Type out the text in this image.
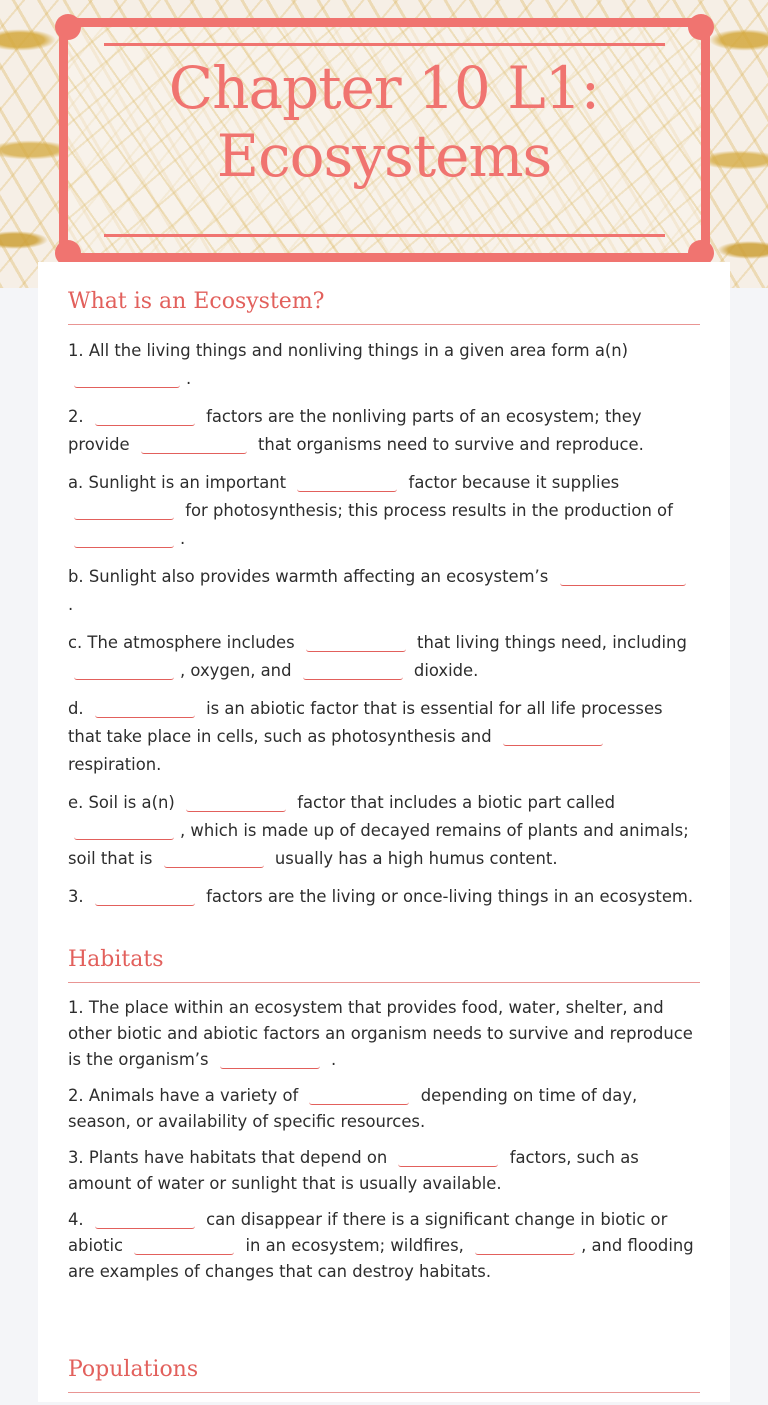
Chapter 10 L1: Ecosystems
What is an Ecosystem?

1. All the living things and nonliving things in a given area form a(n)
.

2.	factors are the nonliving parts of an ecosystem; they provide	that organisms need to survive and reproduce.

a. Sunlight is an important	factor because it supplies  for photosynthesis; this process results in the production of .

b. Sunlight also provides warmth affecting an ecosystem’s
.

c. The atmosphere includes	that living things need, including , oxygen, and	dioxide.

d.	is an abiotic factor that is essential for all life processes that take place in cells, such as photosynthesis and  respiration.

e. Soil is a(n)	factor that includes a biotic part called , which is made up of decayed remains of plants and animals; soil that is	usually has a high humus content.

3.	factors are the living or once-living things in an ecosystem.

Habitats

1. The place within an ecosystem that provides food, water, shelter, and other biotic and abiotic factors an organism needs to survive and reproduce is the organism’s	.

2. Animals have a variety of	depending on time of day, season, or availability of specific resources.

3. Plants have habitats that depend on	factors, such as amount of water or sunlight that is usually available.

4.	can disappear if there is a significant change in biotic or abiotic	in an ecosystem; wildfires,	, and flooding are examples of changes that can destroy habitats.

Populations
